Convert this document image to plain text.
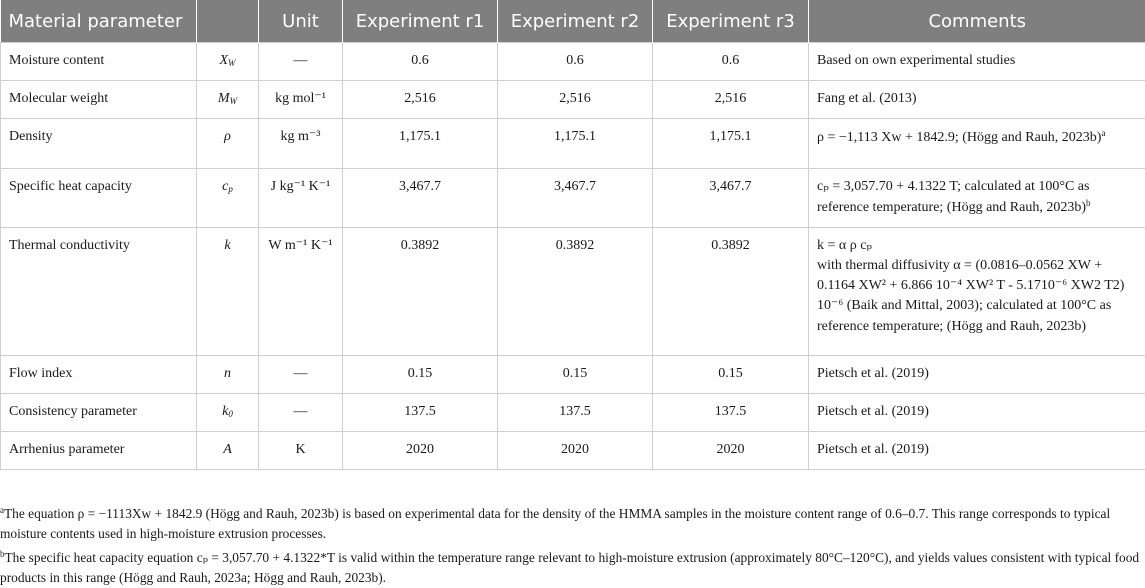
Material parameter		Unit	Experiment r1	Experiment r2	Experiment r3	Comments
Moisture content	$X_W$	—	0.6	0.6	0.6	Based on own experimental studies
Molecular weight	$M_W$	kg mol⁻¹	2,516	2,516	2,516	Fang et al. (2013)
Density	ρ	kg m⁻³	1,175.1	1,175.1	1,175.1	ρ = −1,113 Xw + 1842.9; (Högg and Rauh, 2023b)$^a$
Specific heat capacity	$c_p$	J kg⁻¹ K⁻¹	3,467.7	3,467.7	3,467.7	cₚ = 3,057.70 + 4.1322 T; calculated at 100°C as reference temperature; (Högg and Rauh, 2023b)$^b$
Thermal conductivity	k	W m⁻¹ K⁻¹	0.3892	0.3892	0.3892	k = α ρ cₚ
with thermal diffusivity α = (0.0816–0.0562 XW + 0.1164 XW² + 6.866 10⁻⁴ XW² T - 5.1710⁻⁶ XW2 T2) 10⁻⁶ (Baik and Mittal, 2003); calculated at 100°C as reference temperature; (Högg and Rauh, 2023b)
Flow index	n	—	0.15	0.15	0.15	Pietsch et al. (2019)
Consistency parameter	$k_0$	—	137.5	137.5	137.5	Pietsch et al. (2019)
Arrhenius parameter	A	K	2020	2020	2020	Pietsch et al. (2019)

$^a$The equation ρ = −1113Xw + 1842.9 (Högg and Rauh, 2023b) is based on experimental data for the density of the HMMA samples in the moisture content range of 0.6–0.7. This range corresponds to typical moisture contents used in high-moisture extrusion processes.

$^b$The specific heat capacity equation cₚ = 3,057.70 + 4.1322*T is valid within the temperature range relevant to high-moisture extrusion (approximately 80°C–120°C), and yields values consistent with typical food products in this range (Högg and Rauh, 2023a; Högg and Rauh, 2023b).
